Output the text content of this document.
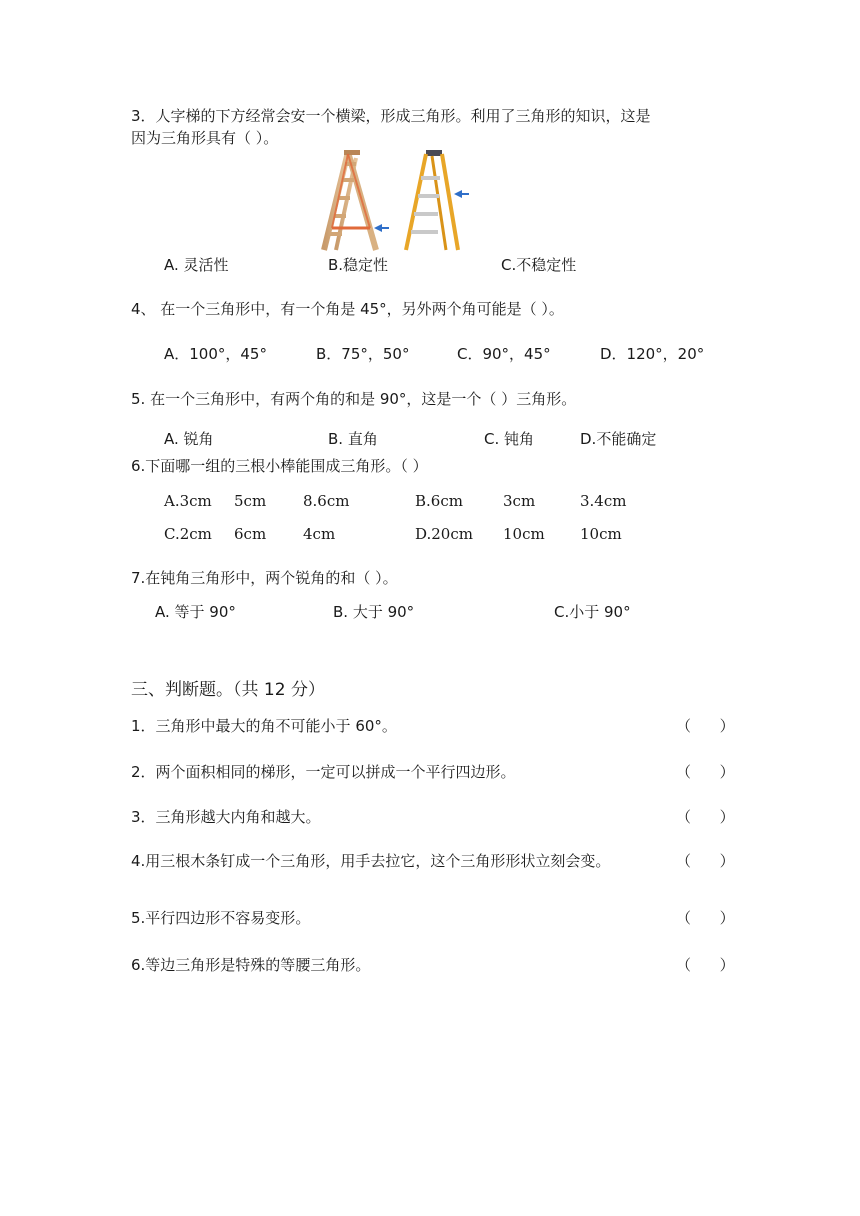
3．人字梯的下方经常会安一个横梁，形成三角形。利用了三角形的知识，这是
因为三角形具有（ ）。
A. 灵活性	B.稳定性	C.不稳定性
4、 在一个三角形中，有一个角是 45°，另外两个角可能是（ ）。
A．100°，45°	B．75°，50°	C．90°，45°	D．120°，20°
5. 在一个三角形中，有两个角的和是 90°，这是一个（ ）三角形。
A. 锐角	B. 直角	C. 钝角	D.不能确定
6.下面哪一组的三根小棒能围成三角形。（ ）
A.3cm 5cm 8.6cm	B.6cm	3cm	3.4cm
C.2cm 6cm 4cm	D.20cm 10cm 10cm
7.在钝角三角形中，两个锐角的和（ ）。
A. 等于 90°	B. 大于 90°	C.小于 90°
三、判断题。（共 12 分）
1．三角形中最大的角不可能小于 60°。	（      ）
2．两个面积相同的梯形，一定可以拼成一个平行四边形。	（      ）
3．三角形越大内角和越大。	（      ）
4.用三根木条钉成一个三角形，用手去拉它，这个三角形形状立刻会变。	（      ）
5.平行四边形不容易变形。	（      ）
6.等边三角形是特殊的等腰三角形。	（      ）
